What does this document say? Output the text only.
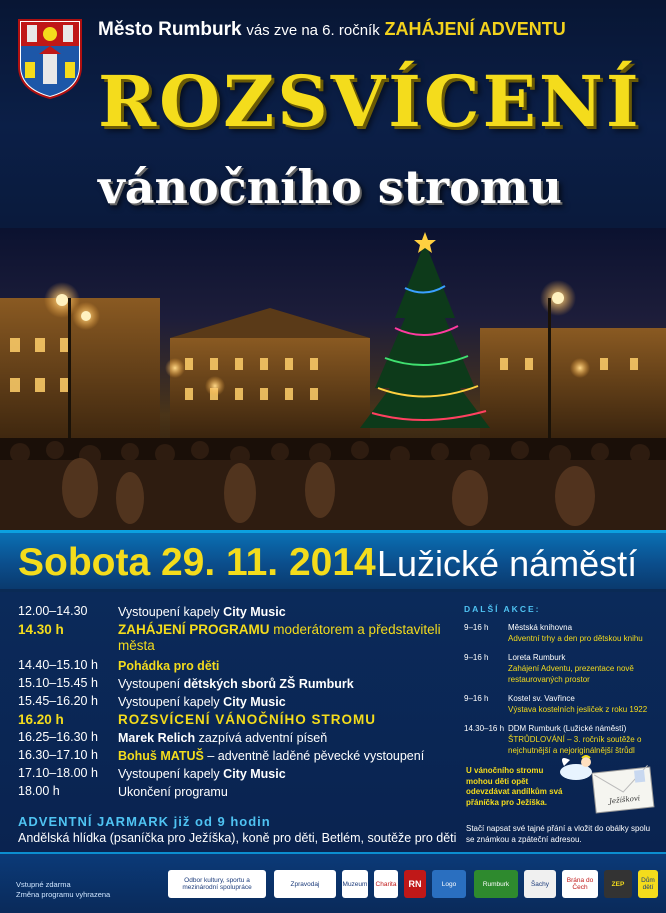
Město Rumburk vás zve na 6. ročník ZAHÁJENÍ ADVENTU
ROZSVÍCENÍ
vánočního stromu
Sobota 29. 11. 2014 Lužické náměstí
12.00–14.30	Vystoupení kapely City Music
14.30 h	ZAHÁJENÍ PROGRAMU moderátorem a představiteli města
14.40–15.10 h	Pohádka pro děti
15.10–15.45 h	Vystoupení dětských sborů ZŠ Rumburk
15.45–16.20 h	Vystoupení kapely City Music
16.20 h	ROZSVÍCENÍ VÁNOČNÍHO STROMU
16.25–16.30 h	Marek Relich zazpívá adventní píseň
16.30–17.10 h	Bohuš MATUŠ – adventně laděné pěvecké vystoupení
17.10–18.00 h	Vystoupení kapely City Music
18.00 h	Ukončení programu
ADVENTNÍ JARMARK již od 9 hodin
Andělská hlídka (psaníčka pro Ježíška), koně pro děti, Betlém, soutěže pro děti
DALŠÍ AKCE:
9–16 h	Městská knihovna
Adventní trhy a den pro dětskou knihu
9–16 h	Loreta Rumburk
Zahájení Adventu, prezentace nově restaurovaných prostor
9–16 h	Kostel sv. Vavřince
Výstava kostelních jesliček z roku 1922
14.30–16 h DDM Rumburk (Lužické náměstí)
ŠTRŮDLOVÁNÍ – 3. ročník soutěže o nejchutnější a nejoriginálnější štrůdl
U vánočního stromu mohou děti opět odevzdávat andílkům svá přáníčka pro Ježíška.
Stačí napsat své tajné přání a vložit do obálky spolu se známkou a zpáteční adresou.
Ježíškovi
Vstupné zdarma
Změna programu vyhrazena
Odbor kultury, sportu a mezinárodní spolupráce	Zpravodaj	Muzeum Charita	RN	Logo	Rumburk	Šachy	Brána do Čech	ZEP	Dům dětí
